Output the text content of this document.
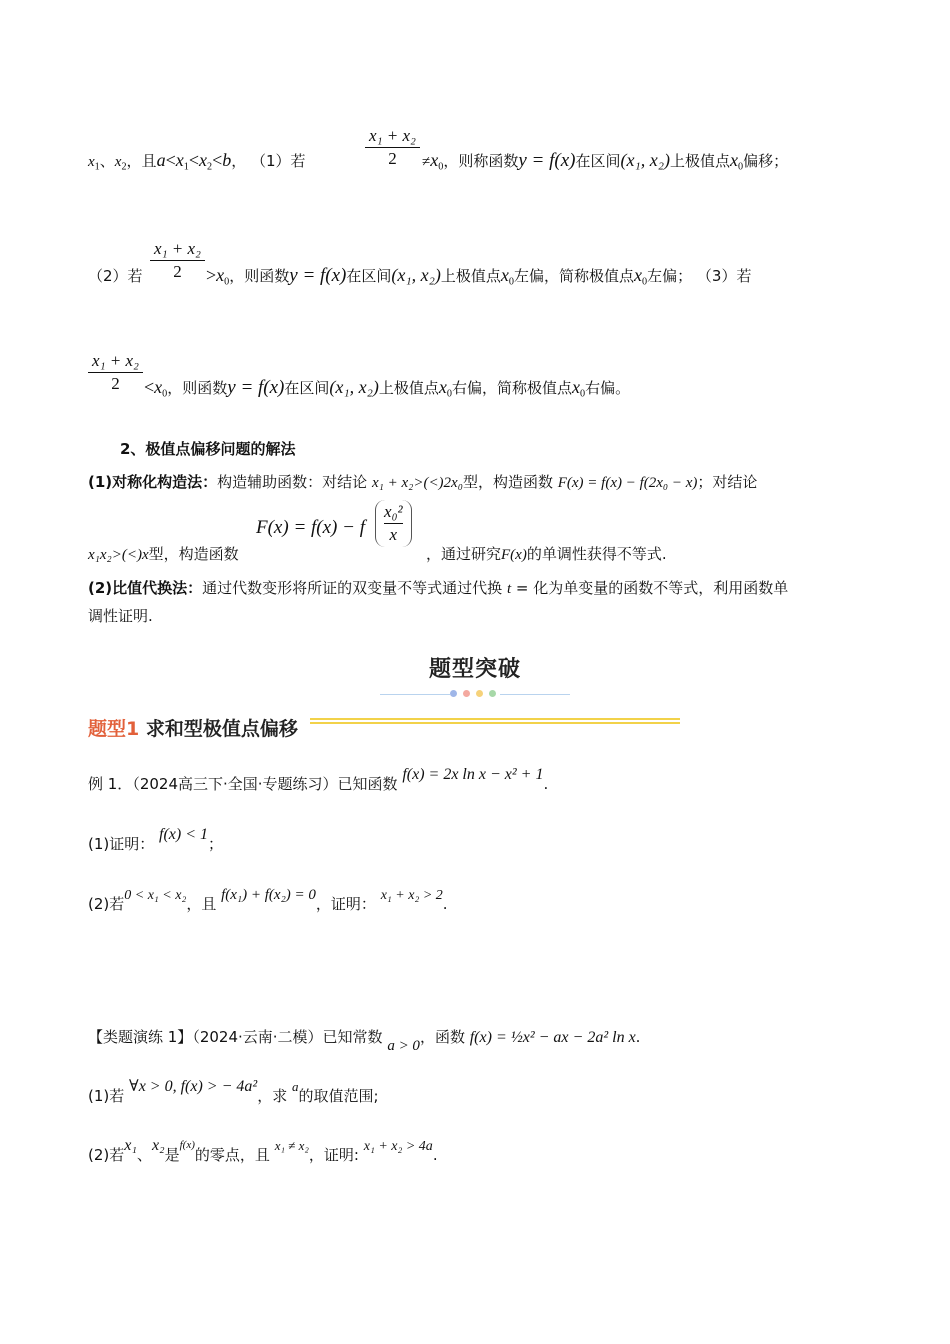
$x_1$、$x_2$，且$a<x_1<x_2<b$， （1）若
x₁ + x₂
2	$\ne x_0$，则称函数y = f(x)在区间(x₁, x₂)上极值点$x_0$偏移；
（2）若
x₁ + x₂
2	$>x_0$，则函数y = f(x)在区间(x₁, x₂)上极值点$x_0$左偏，简称极值点$x_0$左偏； （3）若
x₁ + x₂
2	$<x_0$，则函数y = f(x)在区间(x₁, x₂)上极值点$x_0$右偏，简称极值点$x_0$右偏。
2、极值点偏移问题的解法
(1)对称化构造法：构造辅助函数：对结论 x₁ + x₂>(<)2x₀型，构造函数 F(x) = f(x) − f(2x₀ − x)；对结论
x₁x₂>(<)x型，构造函数
F(x) = f(x) − f $\frac{\text{x₀²}}{x}$
，通过研究F(x)的单调性获得不等式.
(2)比值代换法：通过代数变形将所证的双变量不等式通过代换 t = 化为单变量的函数不等式，利用函数单
调性证明.
题型突破
题型1 求和型极值点偏移
例 1．（2024高三下·全国·专题练习）已知函数 f(x) = 2x ln x − x² + 1.
(1)证明： f(x) < 1；
(2)若0 < x₁ < x₂，且 f(x₁) + f(x₂) = 0，证明： x₁ + x₂ > 2.
【类题演练 1】（2024·云南·二模）已知常数 a > 0，函数 f(x) = ½x² − ax − 2a² ln x.
(1)若 ∀x > 0, f(x) > − 4a²，求 a的取值范围;
(2)若x₁、x₂是$^{f(x)}$的零点，且 x₁ ≠ x₂，证明: x₁ + x₂ > 4a.
